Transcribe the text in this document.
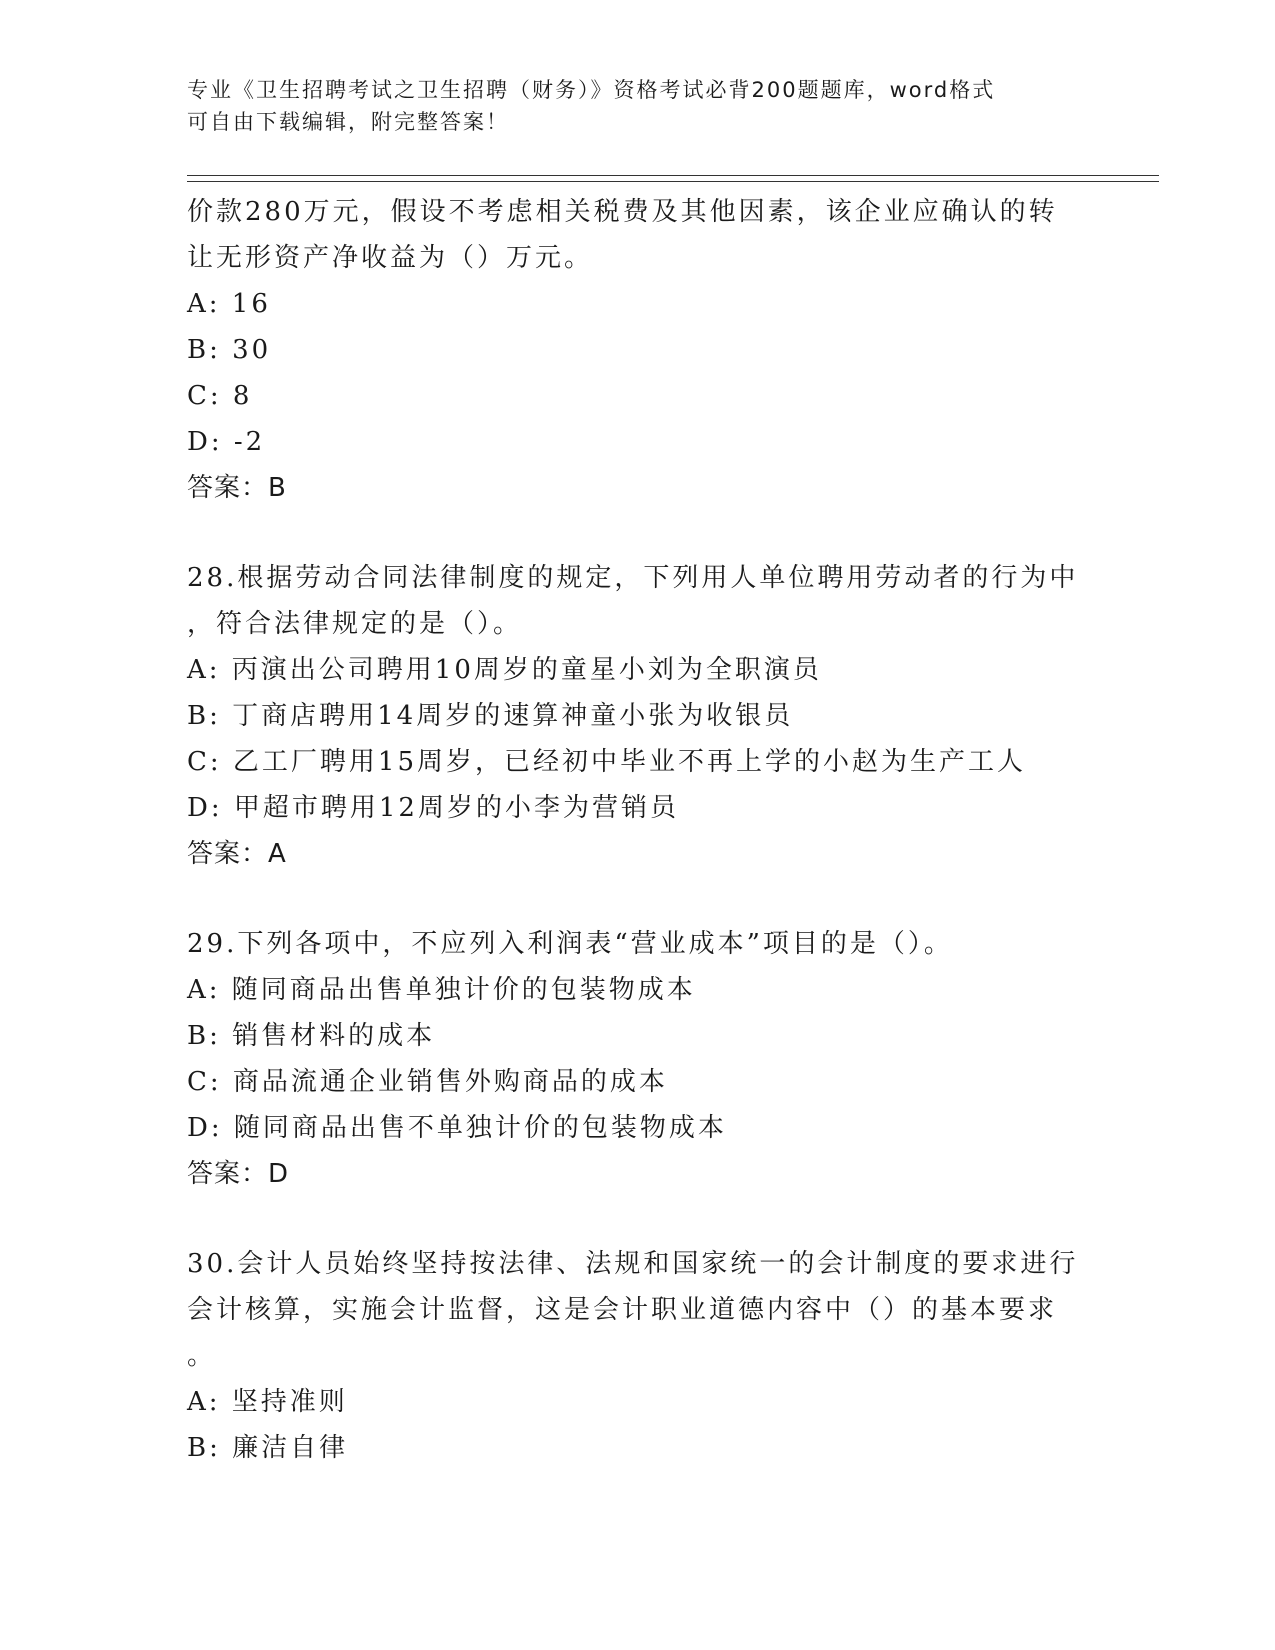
专业《卫生招聘考试之卫生招聘（财务）》资格考试必背200题题库，word格式
可自由下载编辑，附完整答案！
价款280万元，假设不考虑相关税费及其他因素，该企业应确认的转
让无形资产净收益为（）万元。
A: 16
B: 30
C: 8
D: -2
答案：B
28.根据劳动合同法律制度的规定，下列用人单位聘用劳动者的行为中
，符合法律规定的是（）。
A: 丙演出公司聘用10周岁的童星小刘为全职演员
B: 丁商店聘用14周岁的速算神童小张为收银员
C: 乙工厂聘用15周岁，已经初中毕业不再上学的小赵为生产工人
D: 甲超市聘用12周岁的小李为营销员
答案：A
29.下列各项中，不应列入利润表“营业成本”项目的是（）。
A: 随同商品出售单独计价的包装物成本
B: 销售材料的成本
C: 商品流通企业销售外购商品的成本
D: 随同商品出售不单独计价的包装物成本
答案：D
30.会计人员始终坚持按法律、法规和国家统一的会计制度的要求进行
会计核算，实施会计监督，这是会计职业道德内容中（）的基本要求
。
A: 坚持准则
B: 廉洁自律
